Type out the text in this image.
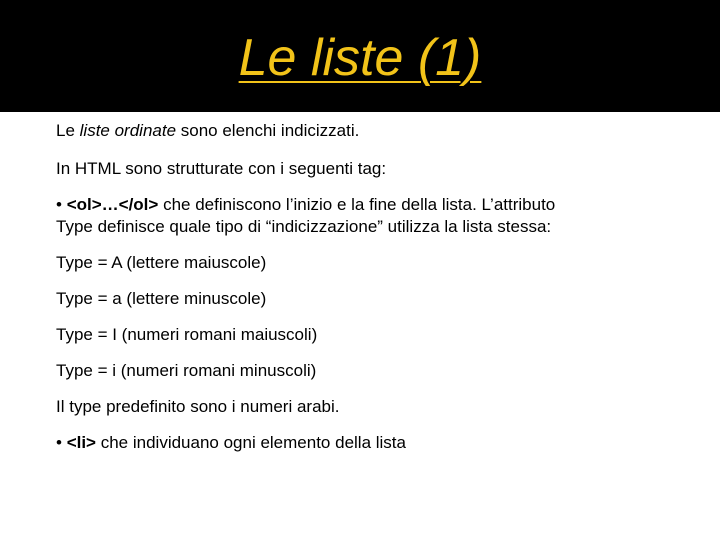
Le liste (1)

Le liste ordinate sono elenchi indicizzati.

In HTML sono strutturate con i seguenti tag:

• <ol>…</ol> che definiscono l’inizio e la fine della lista. L’attributo
Type definisce quale tipo di “indicizzazione” utilizza la lista stessa:

Type = A (lettere maiuscole)

Type = a (lettere minuscole)

Type = I (numeri romani maiuscoli)

Type = i (numeri romani minuscoli)

Il type predefinito sono i numeri arabi.

• <li> che individuano ogni elemento della lista
